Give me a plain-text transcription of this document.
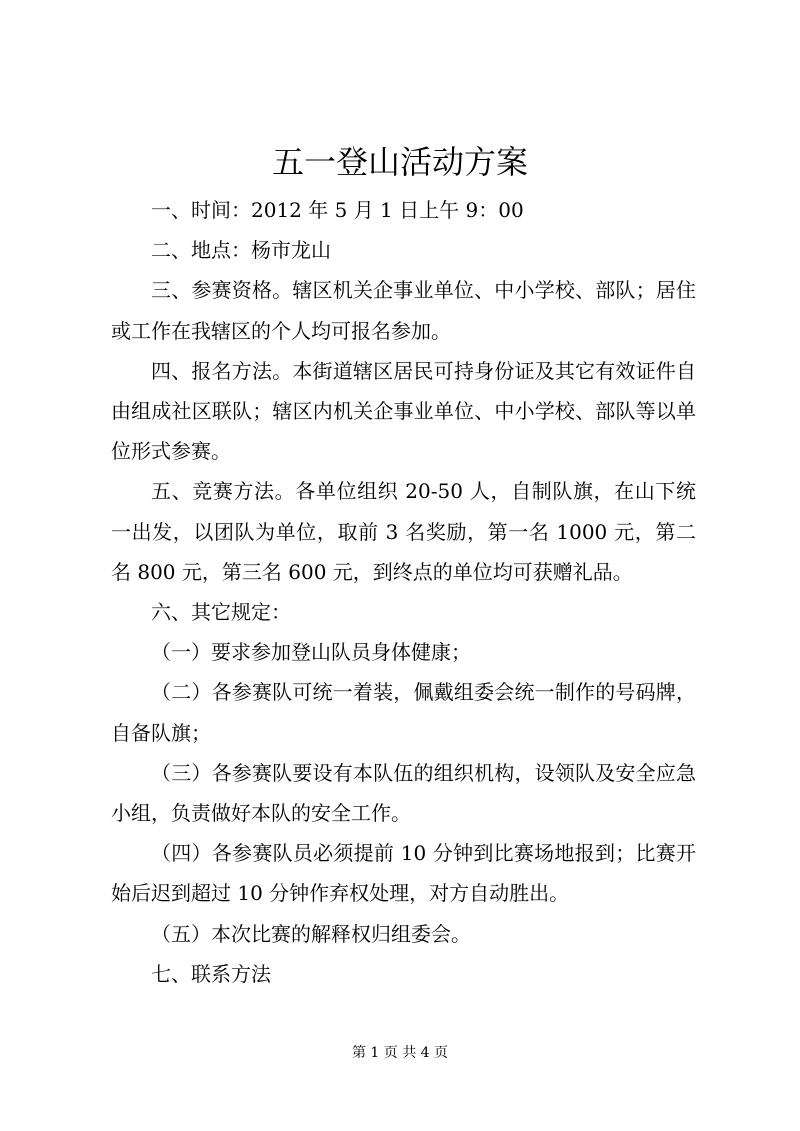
五一登山活动方案

一、时间：2012 年 5 月 1 日上午 9：00

二、地点：杨市龙山

三、参赛资格。辖区机关企事业单位、中小学校、部队；居住或工作在我辖区的个人均可报名参加。

四、报名方法。本街道辖区居民可持身份证及其它有效证件自由组成社区联队；辖区内机关企事业单位、中小学校、部队等以单位形式参赛。

五、竞赛方法。各单位组织 20-50 人，自制队旗，在山下统一出发，以团队为单位，取前 3 名奖励，第一名 1000 元，第二名 800 元，第三名 600 元，到终点的单位均可获赠礼品。

六、其它规定：

（一）要求参加登山队员身体健康；

（二）各参赛队可统一着装，佩戴组委会统一制作的号码牌，自备队旗；

（三）各参赛队要设有本队伍的组织机构，设领队及安全应急小组，负责做好本队的安全工作。

（四）各参赛队员必须提前 10 分钟到比赛场地报到；比赛开始后迟到超过 10 分钟作弃权处理，对方自动胜出。

（五）本次比赛的解释权归组委会。

七、联系方法

第 1 页 共 4 页
